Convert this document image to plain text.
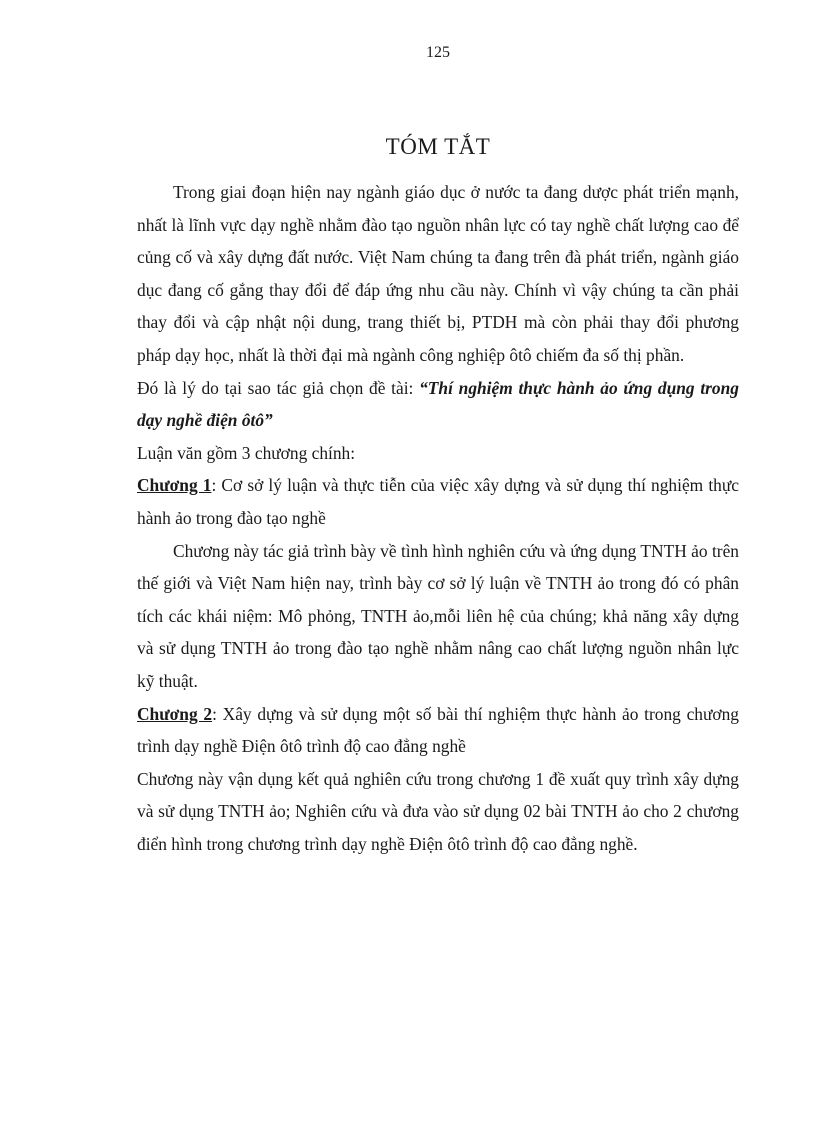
125
TÓM TẮT

Trong giai đoạn hiện nay ngành giáo dục ở nước ta đang dược phát triển mạnh, nhất là lĩnh vực dạy nghề nhằm đào tạo nguồn nhân lực có tay nghề chất lượng cao để củng cố và xây dựng đất nước. Việt Nam chúng ta đang trên đà phát triển, ngành giáo dục đang cố gắng thay đổi để đáp ứng nhu cầu này. Chính vì vậy chúng ta cần phải thay đổi và cập nhật nội dung, trang thiết bị, PTDH mà còn phải thay đổi phương pháp dạy học, nhất là thời đại mà ngành công nghiệp ôtô chiếm đa số thị phần.

Đó là lý do tại sao tác giả chọn đề tài: “Thí nghiệm thực hành ảo ứng dụng trong dạy nghề điện ôtô”

Luận văn gồm 3 chương chính:

Chương 1: Cơ sở lý luận và thực tiễn của việc xây dựng và sử dụng thí nghiệm thực hành ảo trong đào tạo nghề

Chương này tác giả trình bày về tình hình nghiên cứu và ứng dụng TNTH ảo trên thế giới và Việt Nam hiện nay, trình bày cơ sở lý luận về TNTH ảo trong đó có phân tích các khái niệm: Mô phỏng, TNTH ảo,mỗi liên hệ của chúng; khả năng xây dựng và sử dụng TNTH ảo trong đào tạo nghề nhằm nâng cao chất lượng nguồn nhân lực kỹ thuật.

Chương 2: Xây dựng và sử dụng một số bài thí nghiệm thực hành ảo trong chương trình dạy nghề Điện ôtô trình độ cao đẳng nghề

Chương này vận dụng kết quả nghiên cứu trong chương 1 đề xuất quy trình xây dựng và sử dụng TNTH ảo; Nghiên cứu và đưa vào sử dụng 02 bài TNTH ảo cho 2 chương điển hình trong chương trình dạy nghề Điện ôtô trình độ cao đẳng nghề.
